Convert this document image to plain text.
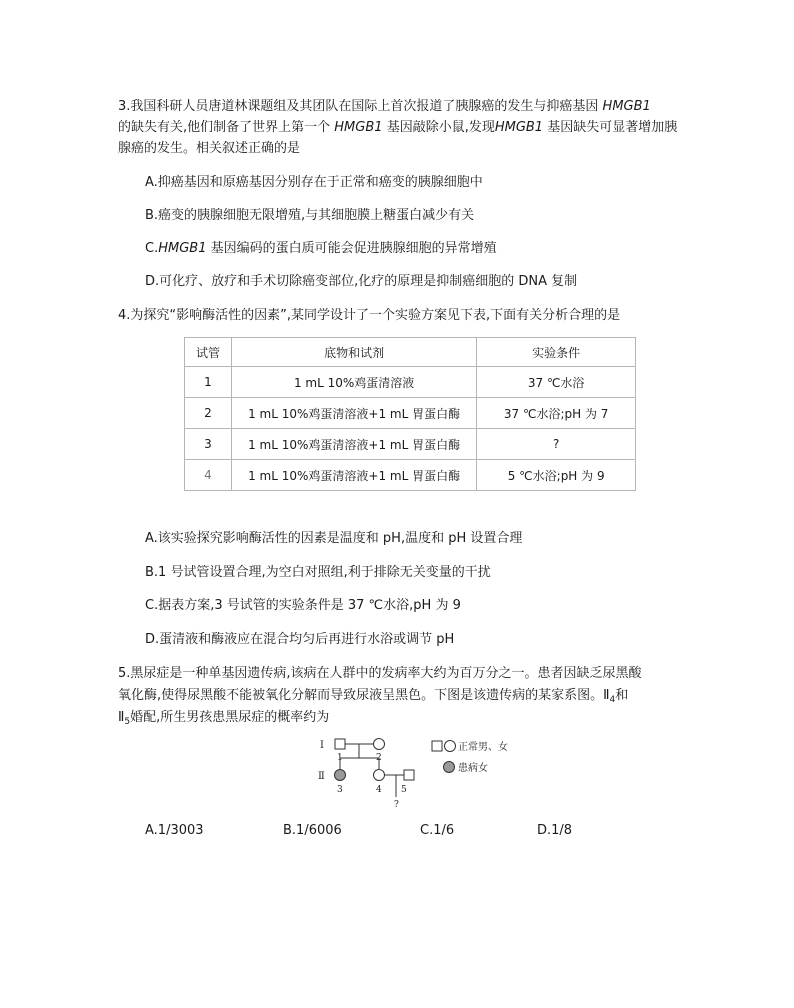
3.我国科研人员唐道林课题组及其团队在国际上首次报道了胰腺癌的发生与抑癌基因 HMGB1
的缺失有关,他们制备了世界上第一个 HMGB1 基因敲除小鼠,发现HMGB1 基因缺失可显著增加胰
腺癌的发生。相关叙述正确的是
A.抑癌基因和原癌基因分别存在于正常和癌变的胰腺细胞中
B.癌变的胰腺细胞无限增殖,与其细胞膜上糖蛋白减少有关
C.HMGB1 基因编码的蛋白质可能会促进胰腺细胞的异常增殖
D.可化疗、放疗和手术切除癌变部位,化疗的原理是抑制癌细胞的 DNA 复制
4.为探究“影响酶活性的因素”,某同学设计了一个实验方案见下表,下面有关分析合理的是
试管	底物和试剂	实验条件
1	1 mL 10%鸡蛋清溶液	37 ℃水浴
2	1 mL 10%鸡蛋清溶液+1 mL 胃蛋白酶	37 ℃水浴;pH 为 7
3	1 mL 10%鸡蛋清溶液+1 mL 胃蛋白酶	?
4	1 mL 10%鸡蛋清溶液+1 mL 胃蛋白酶	5 ℃水浴;pH 为 9
A.该实验探究影响酶活性的因素是温度和 pH,温度和 pH 设置合理
B.1 号试管设置合理,为空白对照组,利于排除无关变量的干扰
C.据表方案,3 号试管的实验条件是 37 ℃水浴,pH 为 9
D.蛋清液和酶液应在混合均匀后再进行水浴或调节 pH
5.黑尿症是一种单基因遗传病,该病在人群中的发病率大约为百万分之一。患者因缺乏尿黑酸
氧化酶,使得尿黑酸不能被氧化分解而导致尿液呈黑色。下图是该遗传病的某家系图。$Ⅱ_4$和
$Ⅱ_5$婚配,所生男孩患黑尿症的概率约为
Ⅰ
Ⅱ
1	2
3	4 5
?
正常男、女
患病女
A.1/3003	B.1/6006	C.1/6	D.1/8
